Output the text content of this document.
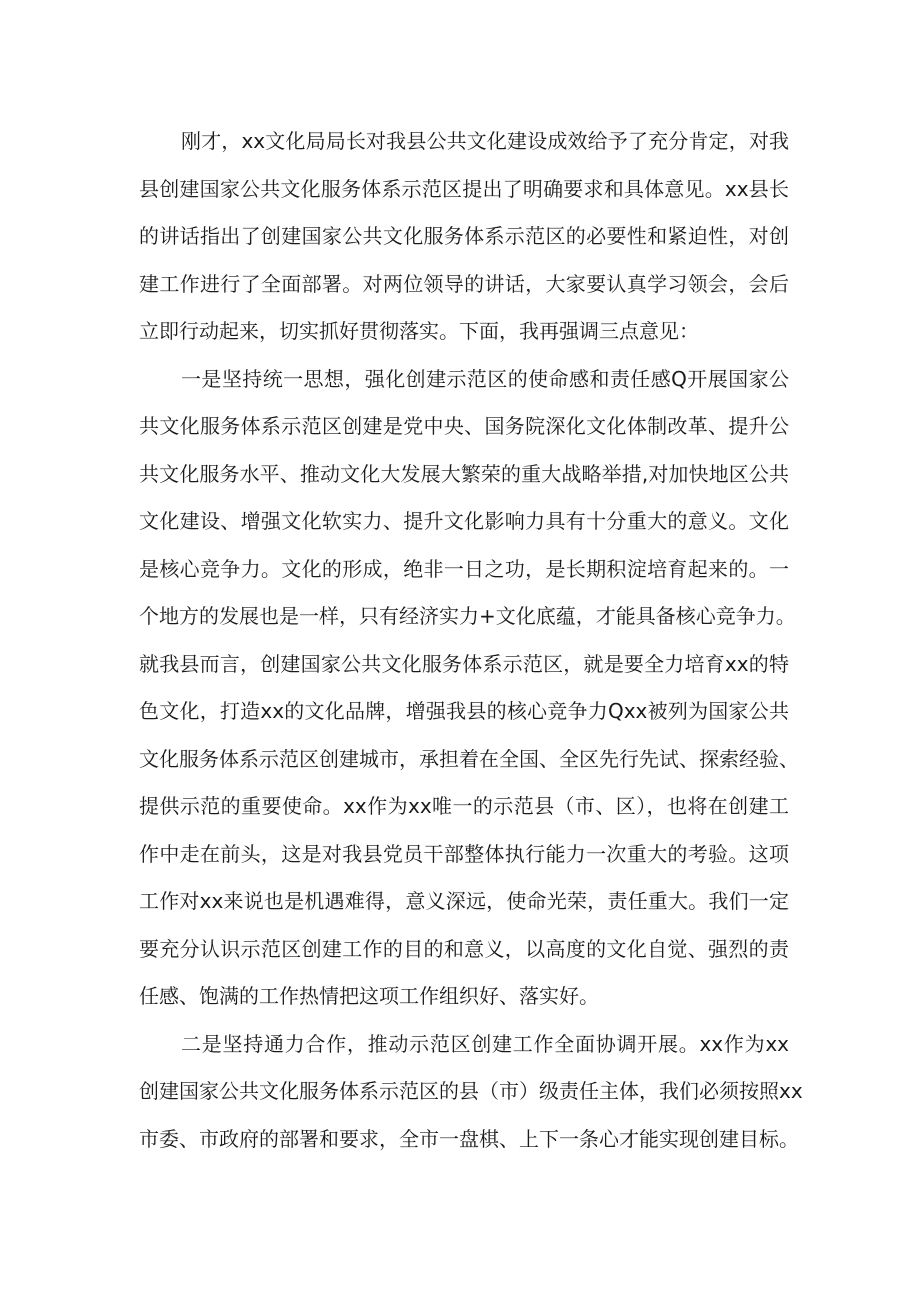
刚才，xx文化局局长对我县公共文化建设成效给予了充分肯定，对我
县创建国家公共文化服务体系示范区提出了明确要求和具体意见。xx县长
的讲话指出了创建国家公共文化服务体系示范区的必要性和紧迫性，对创
建工作进行了全面部署。对两位领导的讲话，大家要认真学习领会，会后
立即行动起来，切实抓好贯彻落实。下面，我再强调三点意见：
一是坚持统一思想，强化创建示范区的使命感和责任感Q开展国家公
共文化服务体系示范区创建是党中央、国务院深化文化体制改革、提升公
共文化服务水平、推动文化大发展大繁荣的重大战略举措,对加快地区公共
文化建设、增强文化软实力、提升文化影响力具有十分重大的意义。文化
是核心竞争力。文化的形成，绝非一日之功，是长期积淀培育起来的。一
个地方的发展也是一样，只有经济实力+文化底蕴，才能具备核心竞争力。
就我县而言，创建国家公共文化服务体系示范区，就是要全力培育xx的特
色文化，打造xx的文化品牌，增强我县的核心竞争力Qxx被列为国家公共
文化服务体系示范区创建城市，承担着在全国、全区先行先试、探索经验、
提供示范的重要使命。xx作为xx唯一的示范县（市、区），也将在创建工
作中走在前头，这是对我县党员干部整体执行能力一次重大的考验。这项
工作对xx来说也是机遇难得，意义深远，使命光荣，责任重大。我们一定
要充分认识示范区创建工作的目的和意义，以高度的文化自觉、强烈的责
任感、饱满的工作热情把这项工作组织好、落实好。
二是坚持通力合作，推动示范区创建工作全面协调开展。xx作为xx
创建国家公共文化服务体系示范区的县（市）级责任主体，我们必须按照xx
市委、市政府的部署和要求，全市一盘棋、上下一条心才能实现创建目标。
